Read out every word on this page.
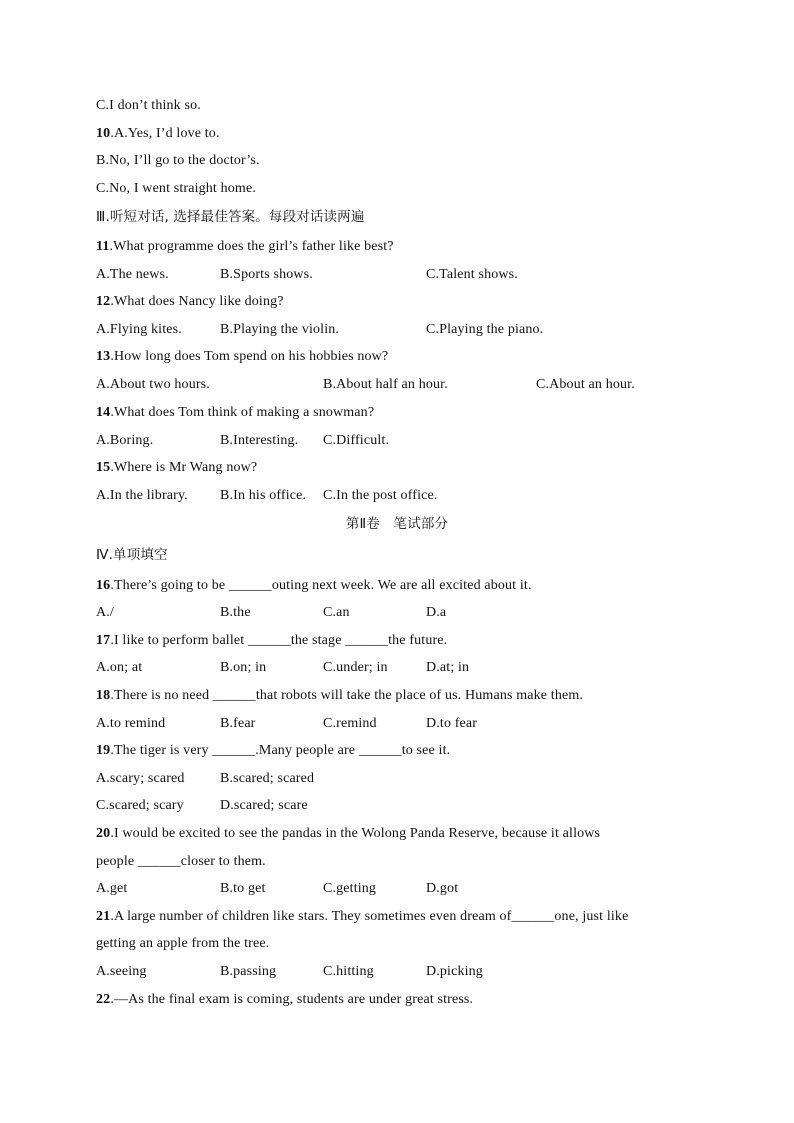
C.I don’t think so.
10.A.Yes, I’d love to.
B.No, I’ll go to the doctor’s.
C.No, I went straight home.
Ⅲ.听短对话, 选择最佳答案。每段对话读两遍
11.What programme does the girl’s father like best?
A.The news.	B.Sports shows.	C.Talent shows.
12.What does Nancy like doing?
A.Flying kites.	B.Playing the violin.	C.Playing the piano.
13.How long does Tom spend on his hobbies now?
A.About two hours.	B.About half an hour.	C.About an hour.
14.What does Tom think of making a snowman?
A.Boring.	B.Interesting. C.Difficult.
15.Where is Mr Wang now?
A.In the library. B.In his office. C.In the post office.
第Ⅱ卷　笔试部分
Ⅳ.单项填空
16.There’s going to be ______outing next week. We are all excited about it.
A./	B.the	C.an	D.a
17.I like to perform ballet ______the stage ______the future.
A.on; at	B.on; in	C.under; in	D.at; in
18.There is no need ______that robots will take the place of us. Humans make them.
A.to remind	B.fear	C.remind	D.to fear
19.The tiger is very ______.Many people are ______to see it.
A.scary; scared	B.scared; scared
C.scared; scary	D.scared; scare
20.I would be excited to see the pandas in the Wolong Panda Reserve, because it allows
people ______closer to them.
A.get	B.to get	C.getting	D.got
21.A large number of children like stars. They sometimes even dream of______one, just like
getting an apple from the tree.
A.seeing	B.passing	C.hitting	D.picking
22.—As the final exam is coming, students are under great stress.
